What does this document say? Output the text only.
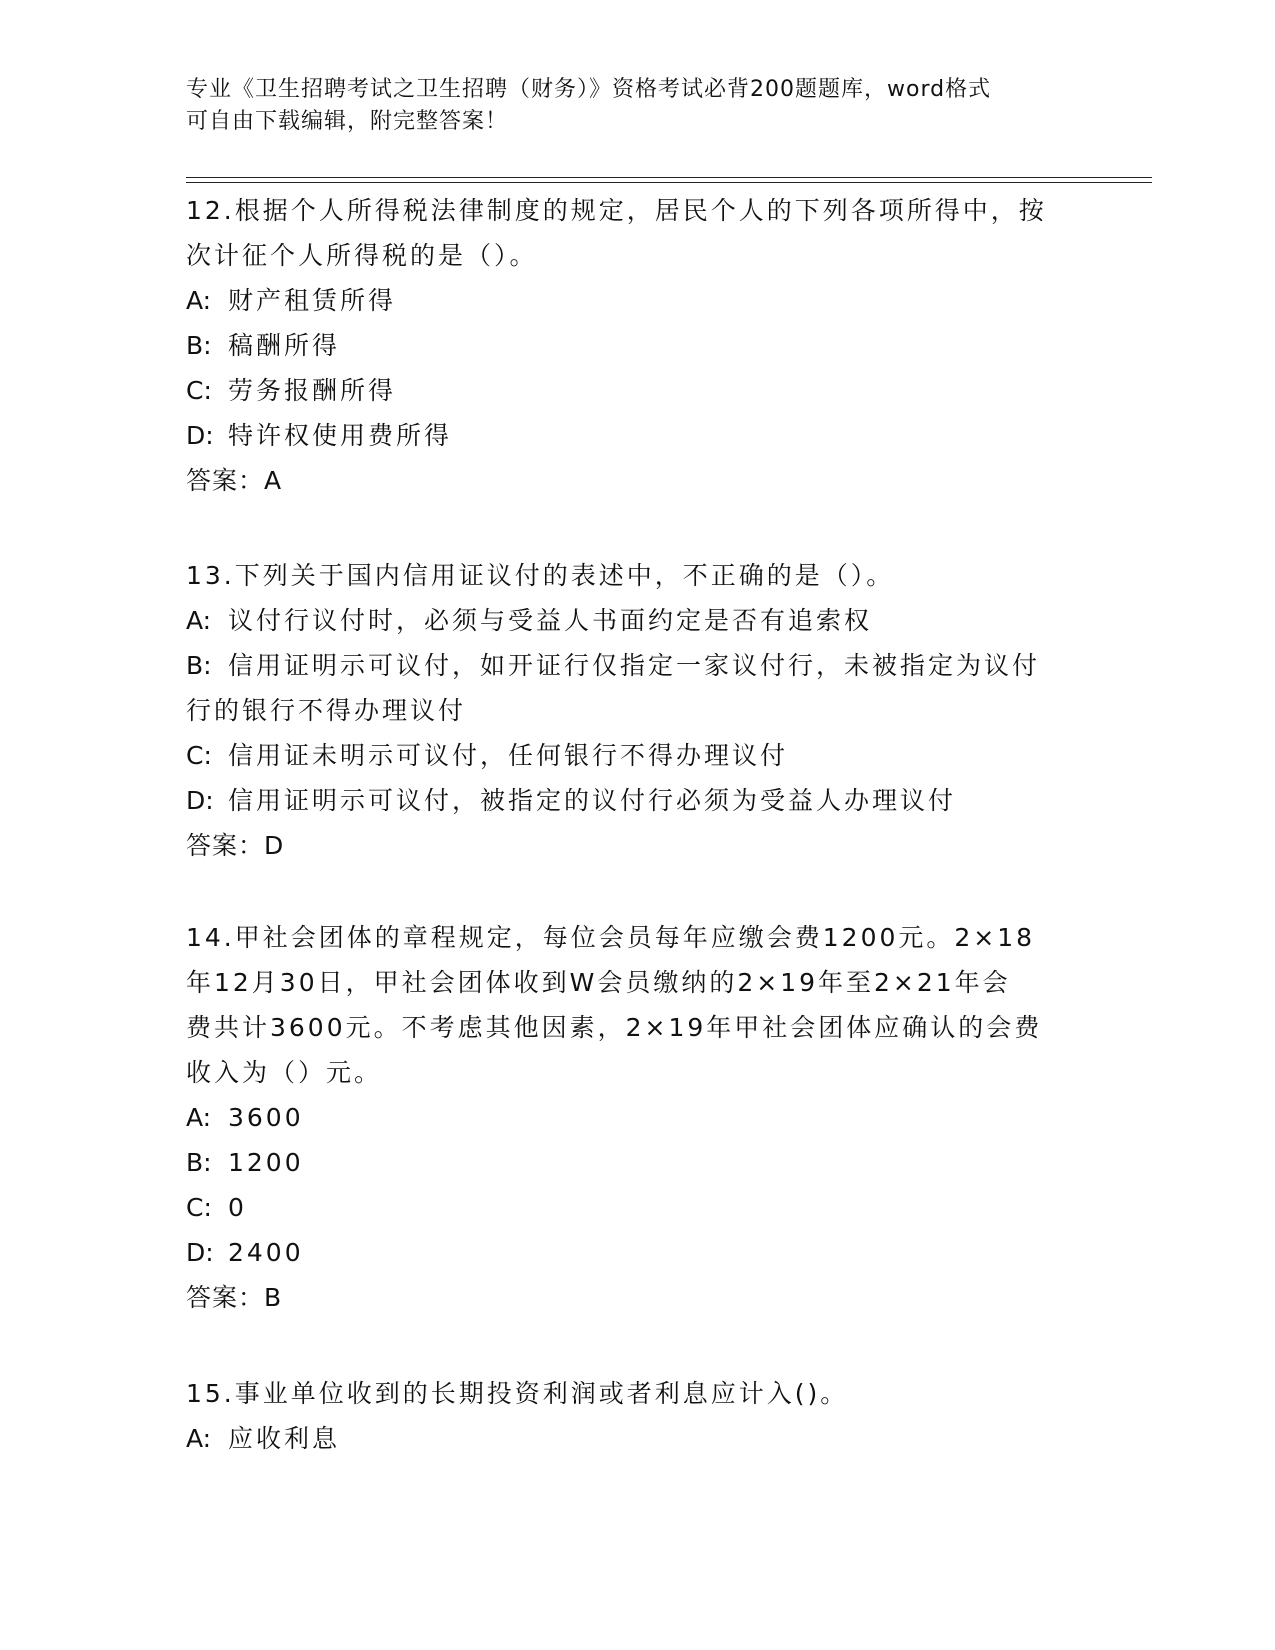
专业《卫生招聘考试之卫生招聘（财务）》资格考试必背200题题库，word格式
可自由下载编辑，附完整答案！
12.根据个人所得税法律制度的规定，居民个人的下列各项所得中，按
次计征个人所得税的是（）。
A: 财产租赁所得
B: 稿酬所得
C: 劳务报酬所得
D: 特许权使用费所得
答案：A
13.下列关于国内信用证议付的表述中，不正确的是（）。
A: 议付行议付时，必须与受益人书面约定是否有追索权
B: 信用证明示可议付，如开证行仅指定一家议付行，未被指定为议付
行的银行不得办理议付
C: 信用证未明示可议付，任何银行不得办理议付
D: 信用证明示可议付，被指定的议付行必须为受益人办理议付
答案：D
14.甲社会团体的章程规定，每位会员每年应缴会费1200元。2×18
年12月30日，甲社会团体收到W会员缴纳的2×19年至2×21年会
费共计3600元。不考虑其他因素，2×19年甲社会团体应确认的会费
收入为（）元。
A: 3600
B: 1200
C: 0
D: 2400
答案：B
15.事业单位收到的长期投资利润或者利息应计入()。
A: 应收利息
